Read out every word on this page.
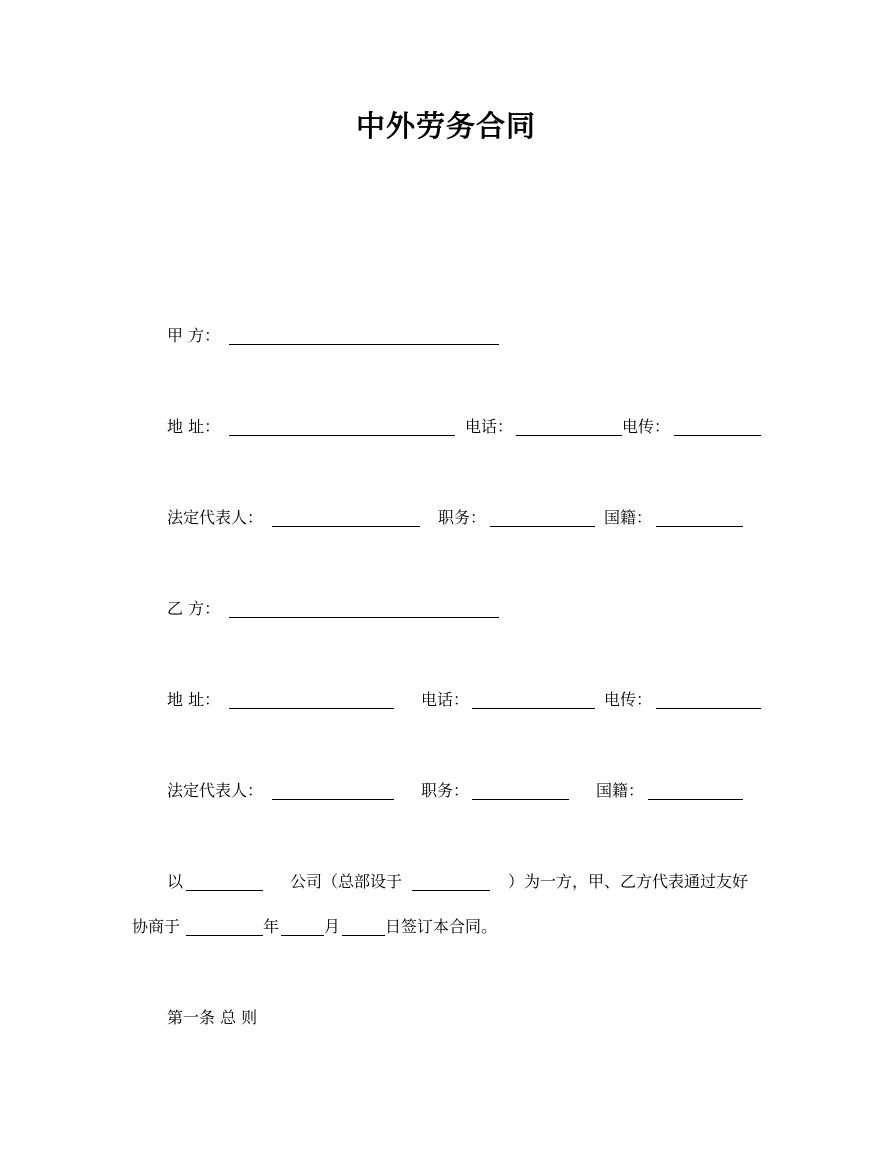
中外劳务合同
甲 方：
地 址：	电话：	电传：
法定代表人：	职务：	国籍：
乙 方：
地 址：	电话：	电传：
法定代表人：	职务：	国籍：
以	公司（总部设于	）为一方，甲、乙方代表通过友好
协商于	年	月	日签订本合同。
第一条 总 则
